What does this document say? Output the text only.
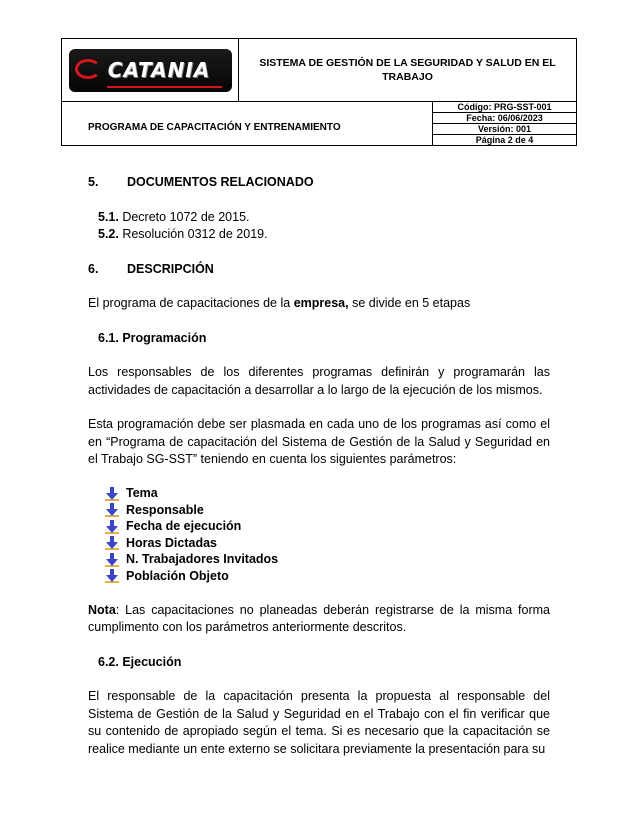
CATANIA	SISTEMA DE GESTIÓN DE LA SEGURIDAD Y SALUD EN EL TRABAJO	
PROGRAMA DE CAPACITACIÓN Y ENTRENAMIENTO		Código: PRG-SST-001
		Fecha: 06/06/2023
		Versión: 001
		Página 2 de 4
5.	DOCUMENTOS RELACIONADO
5.1. Decreto 1072 de 2015.
5.2. Resolución 0312 de 2019.
6.	DESCRIPCIÓN
El programa de capacitaciones de la empresa, se divide en 5 etapas
6.1. Programación
Los responsables de los diferentes programas definirán y programarán las actividades de capacitación a desarrollar a lo largo de la ejecución de los mismos.
Esta programación debe ser plasmada en cada uno de los programas así como el en “Programa de capacitación del Sistema de Gestión de la Salud y Seguridad en el Trabajo SG-SST” teniendo en cuenta los siguientes parámetros:
Tema
Responsable
Fecha de ejecución
Horas Dictadas
N. Trabajadores Invitados
Población Objeto
Nota: Las capacitaciones no planeadas deberán registrarse de la misma forma cumplimento con los parámetros anteriormente descritos.
6.2. Ejecución
El responsable de la capacitación presenta la propuesta al responsable del Sistema de Gestión de la Salud y Seguridad en el Trabajo con el fin verificar que su contenido de apropiado según el tema. Si es necesario que la capacitación se realice mediante un ente externo se solicitara previamente la presentación para su
